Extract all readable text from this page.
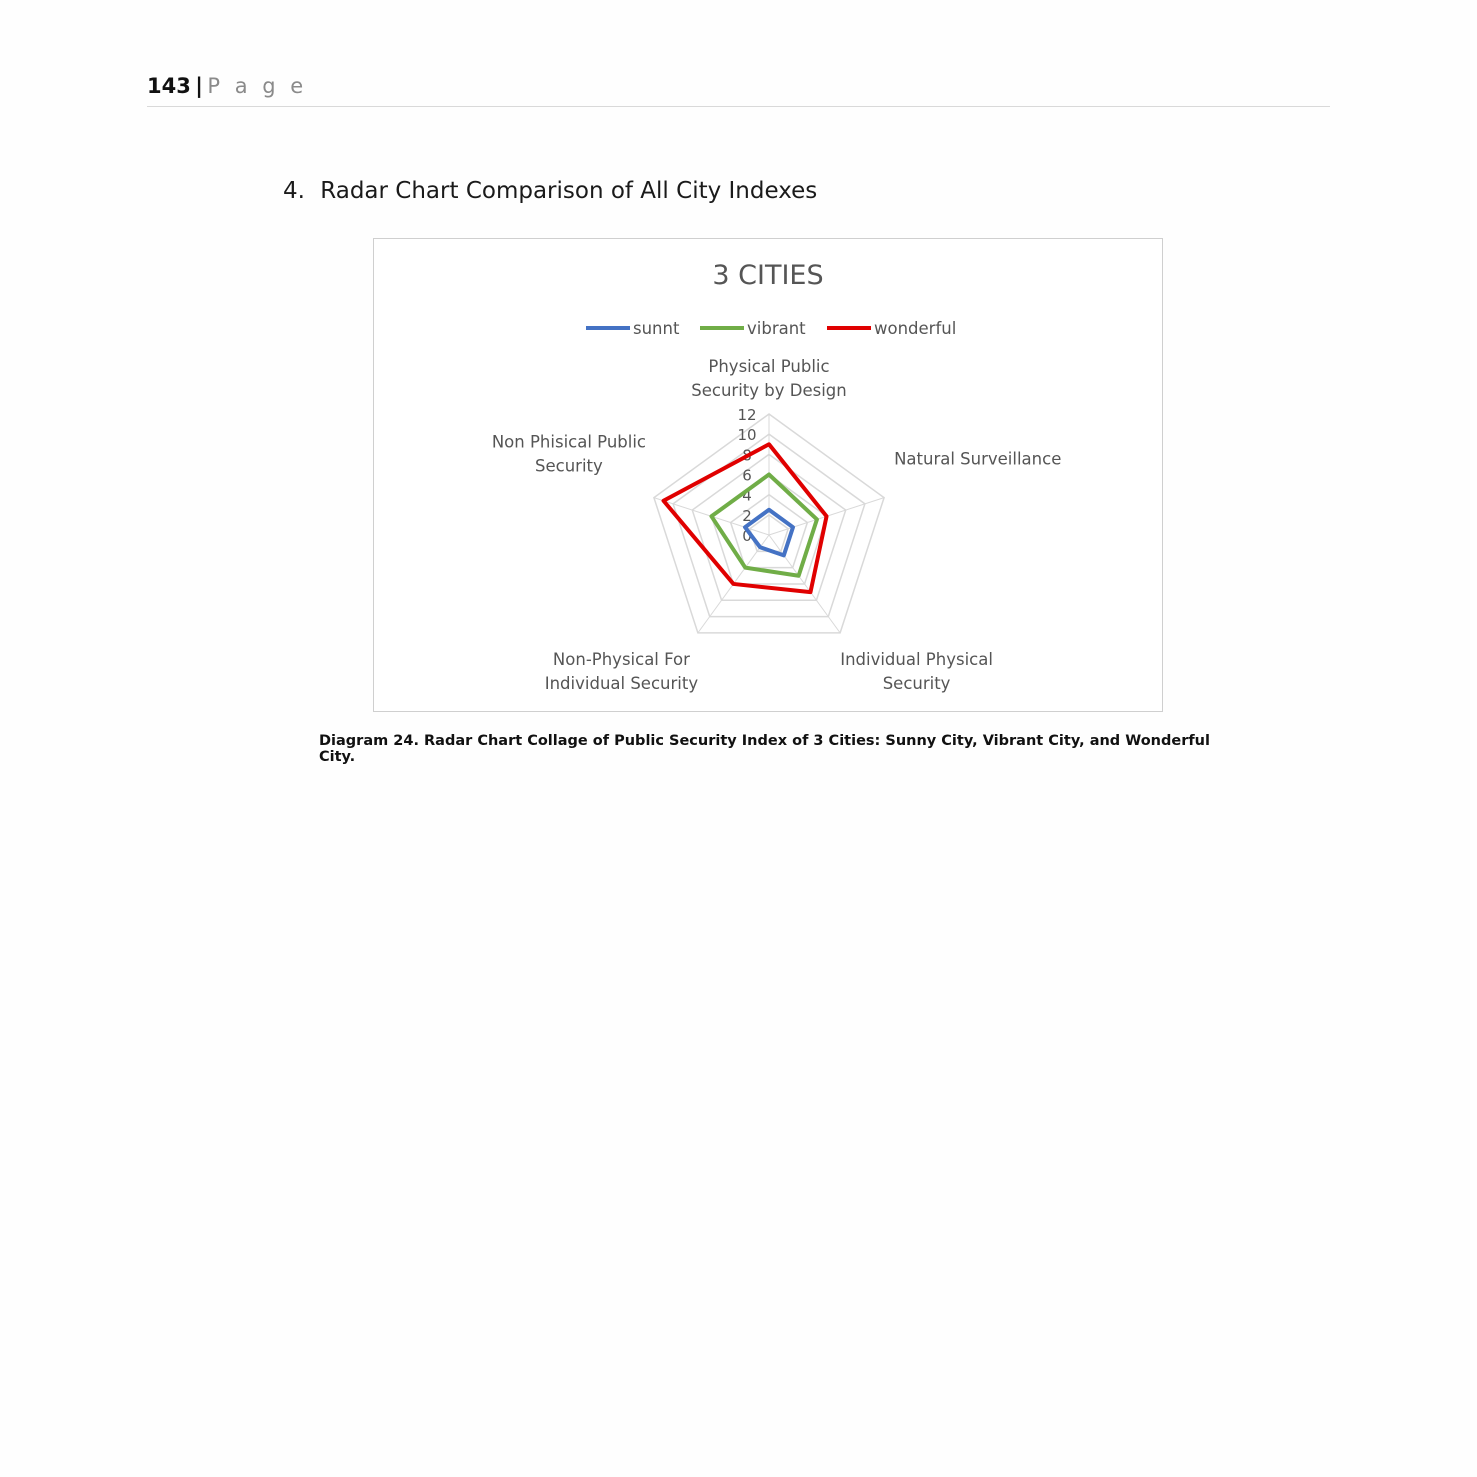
143 | P a g e
4. Radar Chart Comparison of All City Indexes
3 CITIES
sunnt	vibrant	wonderful
Physical Public
Security by Design
Natural Surveillance
Individual Physical
Security
Non-Physical For
Individual Security
Non Phisical Public
Security
0
2
4
6
8
10
12
Diagram 24. Radar Chart Collage of Public Security Index of 3 Cities: Sunny City, Vibrant City, and Wonderful City.
